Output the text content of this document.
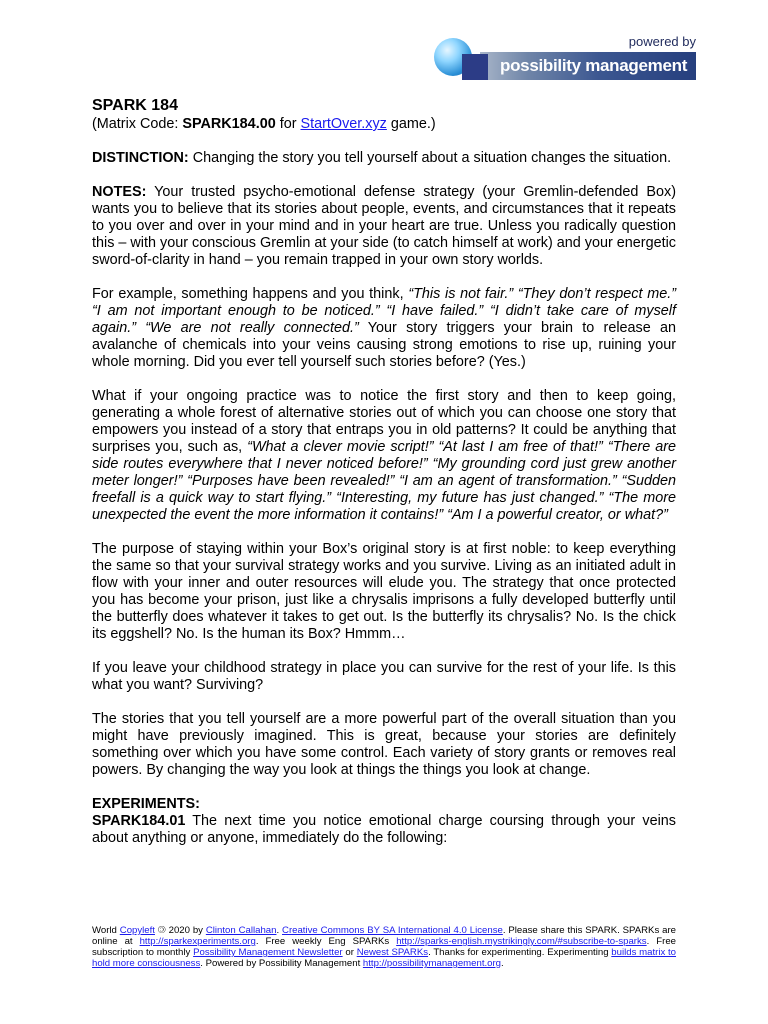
powered by
possibility management
SPARK 184
(Matrix Code: SPARK184.00 for StartOver.xyz game.)

DISTINCTION: Changing the story you tell yourself about a situation changes the situation.

NOTES: Your trusted psycho-emotional defense strategy (your Gremlin-defended Box) wants you to believe that its stories about people, events, and circumstances that it repeats to you over and over in your mind and in your heart are true. Unless you radically question this – with your conscious Gremlin at your side (to catch himself at work) and your energetic sword-of-clarity in hand – you remain trapped in your own story worlds.

For example, something happens and you think, “This is not fair.” “They don’t respect me.” “I am not important enough to be noticed.” “I have failed.” “I didn’t take care of myself again.” “We are not really connected.” Your story triggers your brain to release an avalanche of chemicals into your veins causing strong emotions to rise up, ruining your whole morning. Did you ever tell yourself such stories before? (Yes.)

What if your ongoing practice was to notice the first story and then to keep going, generating a whole forest of alternative stories out of which you can choose one story that empowers you instead of a story that entraps you in old patterns? It could be anything that surprises you, such as, “What a clever movie script!” “At last I am free of that!” “There are side routes everywhere that I never noticed before!” “My grounding cord just grew another meter longer!” “Purposes have been revealed!” “I am an agent of transformation.” “Sudden freefall is a quick way to start flying.” “Interesting, my future has just changed.” “The more unexpected the event the more information it contains!” “Am I a powerful creator, or what?”

The purpose of staying within your Box’s original story is at first noble: to keep everything the same so that your survival strategy works and you survive. Living as an initiated adult in flow with your inner and outer resources will elude you. The strategy that once protected you has become your prison, just like a chrysalis imprisons a fully developed butterfly until the butterfly does whatever it takes to get out. Is the butterfly its chrysalis? No. Is the chick its eggshell? No. Is the human its Box? Hmmm…

If you leave your childhood strategy in place you can survive for the rest of your life. Is this what you want? Surviving?

The stories that you tell yourself are a more powerful part of the overall situation than you might have previously imagined. This is great, because your stories are definitely something over which you have some control. Each variety of story grants or removes real powers. By changing the way you look at things the things you look at change.

EXPERIMENTS:

SPARK184.01 The next time you notice emotional charge coursing through your veins about anything or anyone, immediately do the following:

World Copyleft 🄯 2020 by Clinton Callahan. Creative Commons BY SA International 4.0 License. Please share this SPARK. SPARKs are online at http://sparkexperiments.org. Free weekly Eng SPARKs http://sparks-english.mystrikingly.com/#subscribe-to-sparks. Free subscription to monthly Possibility Management Newsletter or Newest SPARKs. Thanks for experimenting. Experimenting builds matrix to hold more consciousness. Powered by Possibility Management http://possibilitymanagement.org.
